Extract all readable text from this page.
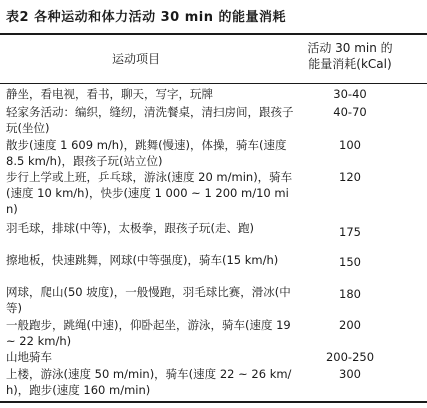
表2 各种运动和体力活动 30 min 的能量消耗
运动项目
活动 30 min 的
能量消耗(kCal)
静坐，看电视，看书，聊天，写字，玩牌	30-40
轻家务活动：编织，缝纫，清洗餐桌，清扫房间，跟孩子玩(坐位)
40-70
散步(速度 1 609 m/h)，跳舞(慢速)，体操，骑车(速度 8.5 km/h)，跟孩子玩(站立位)
100
步行上学或上班，乒乓球，游泳(速度 20 m/min)，骑车(速度 10 km/h)，快步(速度 1 000 ~ 1 200 m/10 min)
120
羽毛球，排球(中等)，太极拳，跟孩子玩(走、跑)	175
擦地板，快速跳舞，网球(中等强度)，骑车(15 km/h)	150
网球，爬山(50 坡度)，一般慢跑，羽毛球比赛，滑冰(中等)
180
一般跑步，跳绳(中速)，仰卧起坐，游泳，骑车(速度 19 ~ 22 km/h)
200
山地骑车	200-250
上楼，游泳(速度 50 m/min)，骑车(速度 22 ~ 26 km/h)，跑步(速度 160 m/min)
300
